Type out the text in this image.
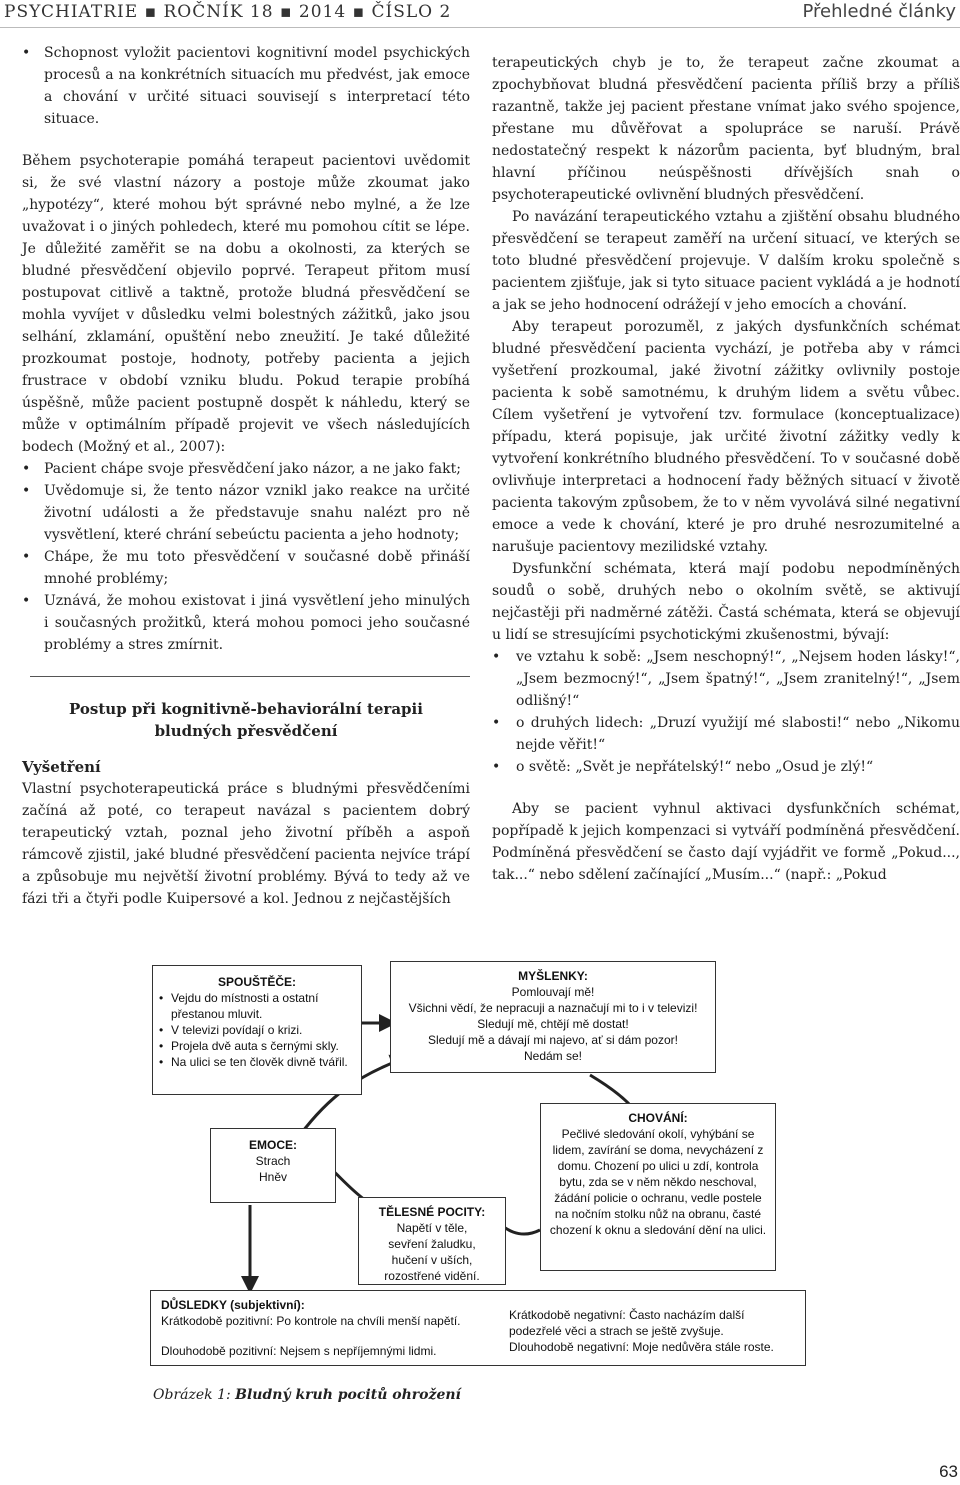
PSYCHIATRIE ▪ ROČNÍK 18 ▪ 2014 ▪ ČÍSLO 2	Přehledné články
• Schopnost vyložit pacientovi kognitivní model psychických procesů a na konkrétních situacích mu předvést, jak emoce a chování v určité situaci souvisejí s interpretací této situace.

Během psychoterapie pomáhá terapeut pacientovi uvědomit si, že své vlastní názory a postoje může zkoumat jako „hypotézy“, které mohou být správné nebo mylné, a že lze uvažovat i o jiných pohledech, které mu pomohou cítit se lépe. Je důležité zaměřit se na dobu a okolnosti, za kterých se bludné přesvědčení objevilo poprvé. Terapeut přitom musí postupovat citlivě a taktně, protože bludná přesvědčení se mohla vyvíjet v důsledku velmi bolestných zážitků, jako jsou selhání, zklamání, opuštění nebo zneužití. Je také důležité prozkoumat postoje, hodnoty, potřeby pacienta a jejich frustrace v období vzniku bludu. Pokud terapie probíhá úspěšně, může pacient postupně dospět k náhledu, který se může v optimálním případě projevit ve všech následujících bodech (Možný et al., 2007):

• Pacient chápe svoje přesvědčení jako názor, a ne jako fakt;
• Uvědomuje si, že tento názor vznikl jako reakce na určité životní události a že představuje snahu nalézt pro ně vysvětlení, které chrání sebeúctu pacienta a jeho hodnoty;
• Chápe, že mu toto přesvědčení v současné době přináší mnohé problémy;
• Uznává, že mohou existovat i jiná vysvětlení jeho minulých i současných prožitků, která mohou pomoci jeho současné problémy a stres zmírnit.

Postup při kognitivně-behaviorální terapii
bludných přesvědčení

Vyšetření

Vlastní psychoterapeutická práce s bludnými přesvědčeními začíná až poté, co terapeut navázal s pacientem dobrý terapeutický vztah, poznal jeho životní příběh a aspoň rámcově zjistil, jaké bludné přesvědčení pacienta nejvíce trápí a způsobuje mu největší životní problémy. Bývá to tedy až ve fázi tři a čtyři podle Kuipersové a kol. Jednou z nejčastějších

terapeutických chyb je to, že terapeut začne zkoumat a zpochybňovat bludná přesvědčení pacienta příliš brzy a příliš razantně, takže jej pacient přestane vnímat jako svého spojence, přestane mu důvěřovat a spolupráce se naruší. Právě nedostatečný respekt k názorům pacienta, byť bludným, bral hlavní příčinou neúspěšnosti dřívějších snah o psychoterapeutické ovlivnění bludných přesvědčení.

Po navázání terapeutického vztahu a zjištění obsahu bludného přesvědčení se terapeut zaměří na určení situací, ve kterých se toto bludné přesvědčení projevuje. V dalším kroku společně s pacientem zjišťuje, jak si tyto situace pacient vykládá a je hodnotí a jak se jeho hodnocení odrážejí v jeho emocích a chování.

Aby terapeut porozuměl, z jakých dysfunkčních schémat bludné přesvědčení pacienta vychází, je potřeba aby v rámci vyšetření prozkoumal, jaké životní zážitky ovlivnily postoje pacienta k sobě samotnému, k druhým lidem a světu vůbec. Cílem vyšetření je vytvoření tzv. formulace (konceptualizace) případu, která popisuje, jak určité životní zážitky vedly k vytvoření konkrétního bludného přesvědčení. To v současné době ovlivňuje interpretaci a hodnocení řady běžných situací v životě pacienta takovým způsobem, že to v něm vyvolává silné negativní emoce a vede k chování, které je pro druhé nesrozumitelné a narušuje pacientovy mezilidské vztahy.

Dysfunkční schémata, která mají podobu nepodmíněných soudů o sobě, druhých nebo o okolním světě, se aktivují nejčastěji při nadměrné zátěži. Častá schémata, která se objevují u lidí se stresujícími psychotickými zkušenostmi, bývají:

• ve vztahu k sobě: „Jsem neschopný!“, „Nejsem hoden lásky!“, „Jsem bezmocný!“, „Jsem špatný!“, „Jsem zranitelný!“, „Jsem odlišný!“
• o druhých lidech: „Druzí využijí mé slabosti!“ nebo „Nikomu nejde věřit!“
• o světě: „Svět je nepřátelský!“ nebo „Osud je zlý!“

Aby se pacient vyhnul aktivaci dysfunkčních schémat, popřípadě k jejich kompenzaci si vytváří podmíněná přesvědčení. Podmíněná přesvědčení se často dají vyjádřit ve formě „Pokud..., tak...“ nebo sdělení začínající „Musím...“ (např.: „Pokud

SPOUŠTĚČE:
• Vejdu do místnosti a ostatní přestanou mluvit.
• V televizi povídají o krizi.
• Projela dvě auta s černými skly.
• Na ulici se ten člověk divně tvářil.
MYŠLENKY:
Pomlouvají mě!
Všichni vědí, že nepracuji a naznačují mi to i v televizi!
Sledují mě, chtějí mě dostat!
Sledují mě a dávají mi najevo, ať si dám pozor!
Nedám se!
EMOCE:
Strach
Hněv
TĚLESNÉ POCITY:
Napětí v těle,
sevření žaludku,
hučení v uších,
rozostřené vidění.
CHOVÁNÍ:
Pečlivé sledování okolí, vyhýbání se lidem, zavírání se doma, nevycházení z domu. Chození po ulici u zdí, kontrola bytu, zda se v něm někdo neschoval, žádání policie o ochranu, vedle postele na nočním stolku nůž na obranu, časté chození k oknu a sledování dění na ulici.
DŮSLEDKY (subjektivní):
Krátkodobě pozitivní: Po kontrole na chvíli menší napětí.
Dlouhodobě pozitivní: Nejsem s nepříjemnými lidmi.
Krátkodobě negativní: Často nacházím další podezřelé věci a strach se ještě zvyšuje.
Dlouhodobě negativní: Moje nedůvěra stále roste.
Obrázek 1: Bludný kruh pocitů ohrožení
63
